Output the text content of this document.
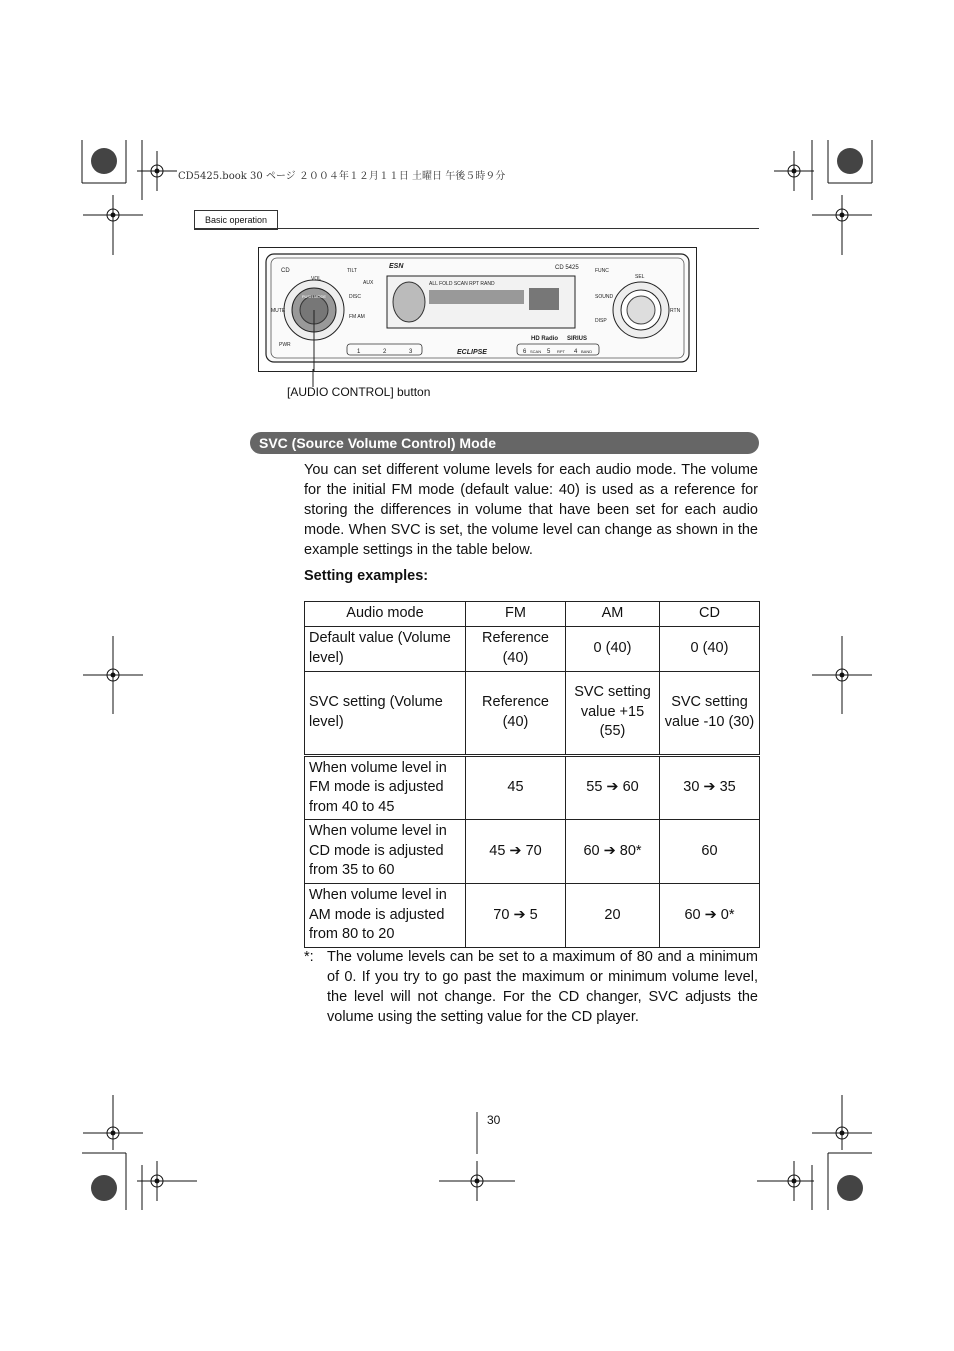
CD5425.book 30 ページ ２００４年１２月１１日 土曜日 午後５時９分
Basic operation
PUSH MODE
ALL FOLD SCAN RPT RAND
CD
VOL
TILT
ESN	CD 5425	FUNC
SEL
AUX
DISC
MUTE
FM AM
PWR
SOUND
DISP
RTN
HD Radio SIRIUS
ECLIPSE
1	2	3	6 SCAN 5 RPT 4 BAND
[AUDIO CONTROL] button
SVC (Source Volume Control) Mode
You can set different volume levels for each audio mode. The volume for the initial FM mode (default value: 40) is used as a reference for storing the differences in volume that have been set for each audio mode. When SVC is set, the volume level can change as shown in the example settings in the table below.
Setting examples:
Audio mode	FM	AM	CD
Default value (Volume level)	Reference (40)	0 (40)	0 (40)
SVC setting (Volume level)	Reference (40)	SVC setting value +15 (55)	SVC setting value -10 (30)
When volume level in FM mode is adjusted from 40 to 45	45	55 ➔ 60	30 ➔ 35
When volume level in CD mode is adjusted from 35 to 60	45 ➔ 70	60 ➔ 80*	60
When volume level in AM mode is adjusted from 80 to 20	70 ➔ 5	20	60 ➔ 0*
*: The volume levels can be set to a maximum of 80 and a minimum of 0. If you try to go past the maximum or minimum volume level, the level will not change. For the CD changer, SVC adjusts the volume using the setting value for the CD player.
30
